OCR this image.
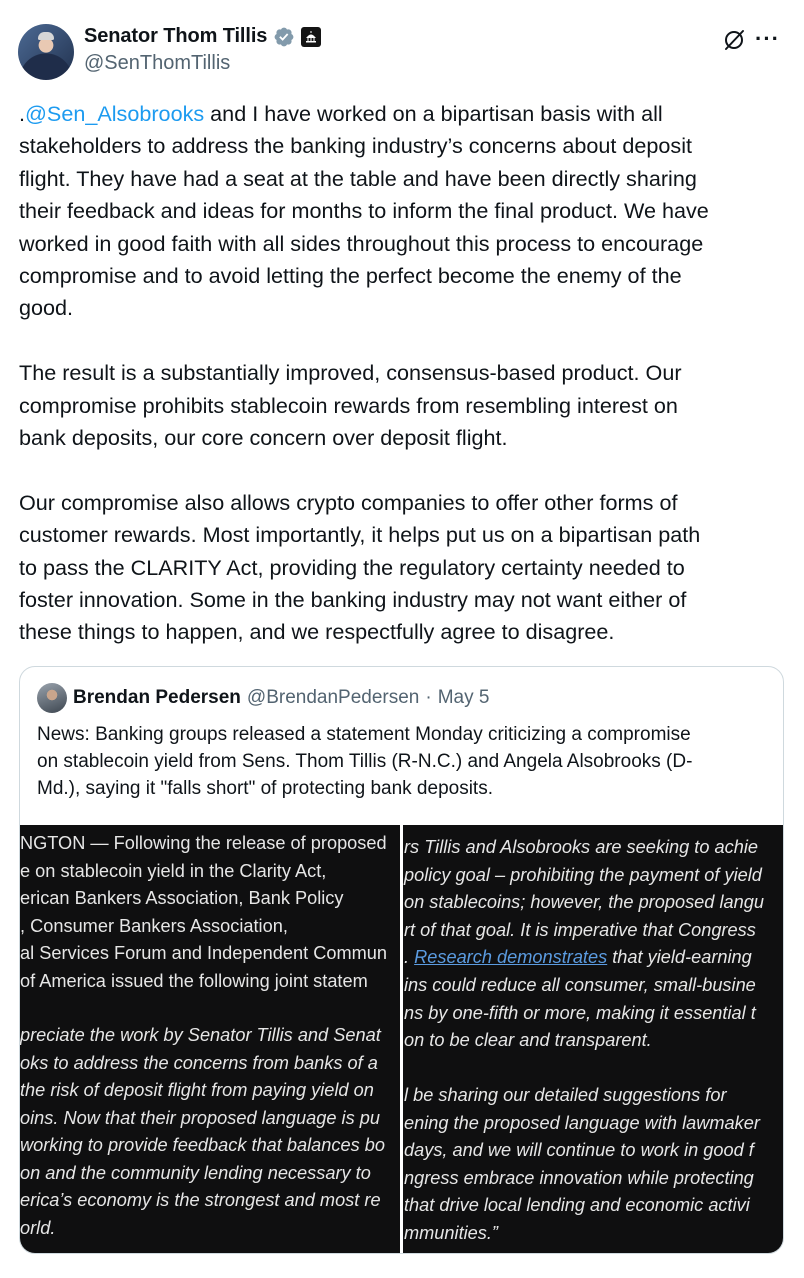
Senator Thom Tillis
@SenThomTillis
···

.@Sen_Alsobrooks and I have worked on a bipartisan basis with all

stakeholders to address the banking industry’s concerns about deposit

flight. They have had a seat at the table and have been directly sharing

their feedback and ideas for months to inform the final product. We have

worked in good faith with all sides throughout this process to encourage

compromise and to avoid letting the perfect become the enemy of the

good.

The result is a substantially improved, consensus-based product. Our

compromise prohibits stablecoin rewards from resembling interest on

bank deposits, our core concern over deposit flight.

Our compromise also allows crypto companies to offer other forms of

customer rewards. Most importantly, it helps put us on a bipartisan path

to pass the CLARITY Act, providing the regulatory certainty needed to

foster innovation. Some in the banking industry may not want either of

these things to happen, and we respectfully agree to disagree.

Brendan Pedersen @BrendanPedersen · May 5
News: Banking groups released a statement Monday criticizing a compromise
on stablecoin yield from Sens. Thom Tillis (R-N.C.) and Angela Alsobrooks (D-
Md.), saying it "falls short" of protecting bank deposits.
NGTON — Following the release of proposed
e on stablecoin yield in the Clarity Act,
erican Bankers Association, Bank Policy
, Consumer Bankers Association,
al Services Forum and Independent Commun
of America issued the following joint statem
preciate the work by Senator Tillis and Senat
oks to address the concerns from banks of a
the risk of deposit flight from paying yield on
oins. Now that their proposed language is pu
working to provide feedback that balances bo
on and the community lending necessary to
erica’s economy is the strongest and most re
orld.
rs Tillis and Alsobrooks are seeking to achie
policy goal – prohibiting the payment of yield
on stablecoins; however, the proposed langu
rt of that goal. It is imperative that Congress
. Research demonstrates that yield-earning
ins could reduce all consumer, small-busine
ns by one-fifth or more, making it essential t
on to be clear and transparent.
l be sharing our detailed suggestions for
ening the proposed language with lawmaker
days, and we will continue to work in good f
ngress embrace innovation while protecting
that drive local lending and economic activi
mmunities.”
